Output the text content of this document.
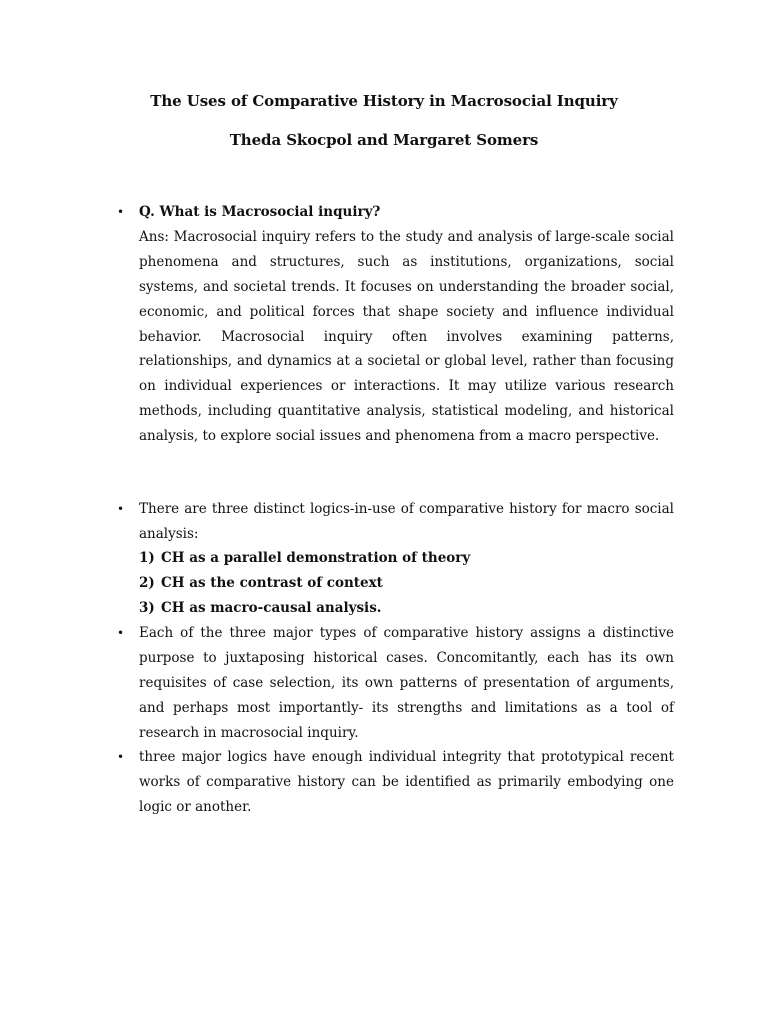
The Uses of Comparative History in Macrosocial Inquiry
Theda Skocpol and Margaret Somers
• Q. What is Macrosocial inquiry?
Ans: Macrosocial inquiry refers to the study and analysis of large-scale social phenomena and structures, such as institutions, organizations, social systems, and societal trends. It focuses on understanding the broader social, economic, and political forces that shape society and influence individual behavior. Macrosocial inquiry often involves examining patterns, relationships, and dynamics at a societal or global level, rather than focusing on individual experiences or interactions. It may utilize various research methods, including quantitative analysis, statistical modeling, and historical analysis, to explore social issues and phenomena from a macro perspective.
• There are three distinct logics-in-use of comparative history for macro social analysis:
1) CH as a parallel demonstration of theory
2) CH as the contrast of context
3) CH as macro-causal analysis.
• Each of the three major types of comparative history assigns a distinctive purpose to juxtaposing historical cases. Concomitantly, each has its own requisites of case selection, its own patterns of presentation of arguments, and perhaps most importantly- its strengths and limitations as a tool of research in macrosocial inquiry.
• three major logics have enough individual integrity that prototypical recent works of comparative history can be identified as primarily embodying one logic or another.
